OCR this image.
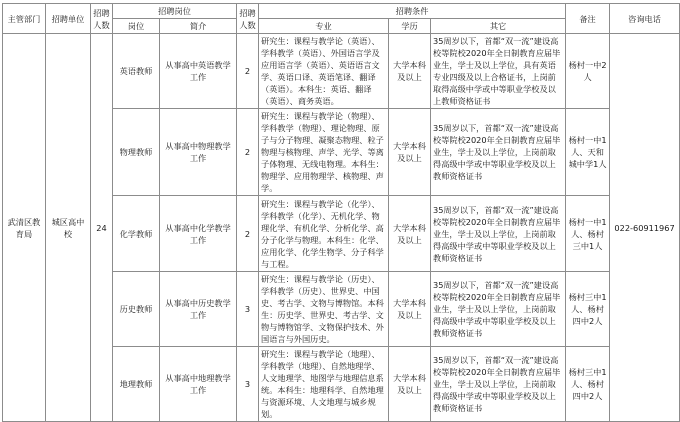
主管部门	招聘单位	招聘人数	招聘岗位		招聘人数	招聘条件			备注	咨询电话
			岗位	简介		专业	学历	其它		
武清区教育局	城区高中校	24	英语教师	从事高中英语教学工作	2	研究生：课程与教学论（英语）、学科教学（英语）、外国语言学及应用语言学（英语）、英语语言文学、英语口译、英语笔译、翻译（英语）。本科生：英语、翻译（英语）、商务英语。	大学本科及以上	35周岁以下，首都“双一流”建设高校等院校2020年全日制教育应届毕业生，学士及以上学位，具有英语专业四级及以上合格证书，上岗前取得高级中学或中等职业学校及以上教师资格证书	杨村一中2人	022-60911967
			物理教师	从事高中物理教学工作	2	研究生：课程与教学论（物理）、学科教学（物理）、理论物理、原子与分子物理、凝聚态物理、粒子物理与核物理、声学、光学、等离子体物理、无线电物理。本科生：物理学、应用物理学、核物理、声学。	大学本科及以上	35周岁以下，首都“双一流”建设高校等院校2020年全日制教育应届毕业生，学士及以上学位，上岗前取得高级中学或中等职业学校及以上教师资格证书	杨村一中1人、天和城中学1人	
			化学教师	从事高中化学教学工作	2	研究生：课程与教学论（化学）、学科教学（化学）、无机化学、物理化学、有机化学、分析化学、高分子化学与物理。本科生：化学、应用化学、化学生物学、分子科学与工程。	大学本科及以上	35周岁以下，首都“双一流”建设高校等院校2020年全日制教育应届毕业生，学士及以上学位，上岗前取得高级中学或中等职业学校及以上教师资格证书	杨村一中1人、杨村三中1人	
			历史教师	从事高中历史教学工作	3	研究生：课程与教学论（历史）、学科教学（历史）、世界史、中国史、考古学、文物与博物馆。本科生：历史学、世界史、考古学、文物与博物馆学、文物保护技术、外国语言与外国历史。	大学本科及以上	35周岁以下，首都“双一流”建设高校等院校2020年全日制教育应届毕业生，学士及以上学位，上岗前取得高级中学或中等职业学校及以上教师资格证书	杨村三中1人、杨村四中2人	
			地理教师	从事高中地理教学工作	3	研究生：课程与教学论（地理）、学科教学（地理）、自然地理学、人文地理学、地图学与地理信息系统。本科生：地理科学、自然地理与资源环境、人文地理与城乡规划。	大学本科及以上	35周岁以下，首都“双一流”建设高校等院校2020年全日制教育应届毕业生，学士及以上学位，上岗前取得高级中学或中等职业学校及以上教师资格证书	杨村三中1人、杨村四中2人	
